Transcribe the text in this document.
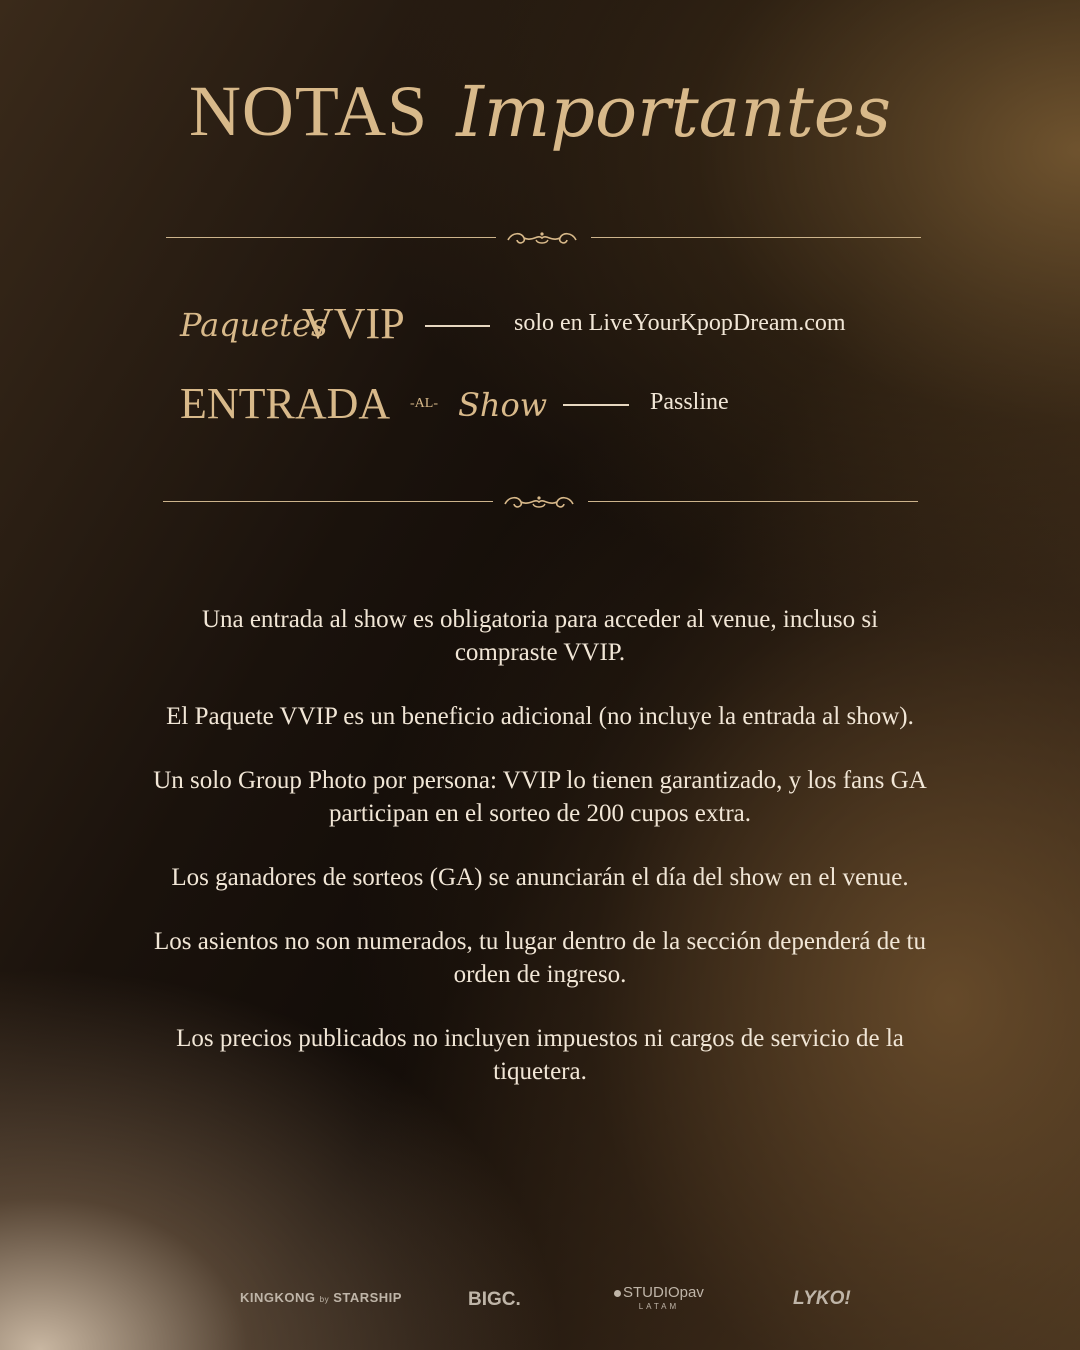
NOTAS Importantes
Paquetes
VVIP	solo en LiveYourKpopDream.com
ENTRADA -AL- Show	Passline

Una entrada al show es obligatoria para acceder al venue, incluso si compraste VVIP.

El Paquete VVIP es un beneficio adicional (no incluye la entrada al show).

Un solo Group Photo por persona: VVIP lo tienen garantizado, y los fans GA participan en el sorteo de 200 cupos extra.

Los ganadores de sorteos (GA) se anunciarán el día del show en el venue.

Los asientos no son numerados, tu lugar dentro de la sección dependerá de tu orden de ingreso.

Los precios publicados no incluyen impuestos ni cargos de servicio de la tiquetera.

KINGKONG by STARSHIP	BIGC.	STUDIOpav
LATAM	LYKO!
